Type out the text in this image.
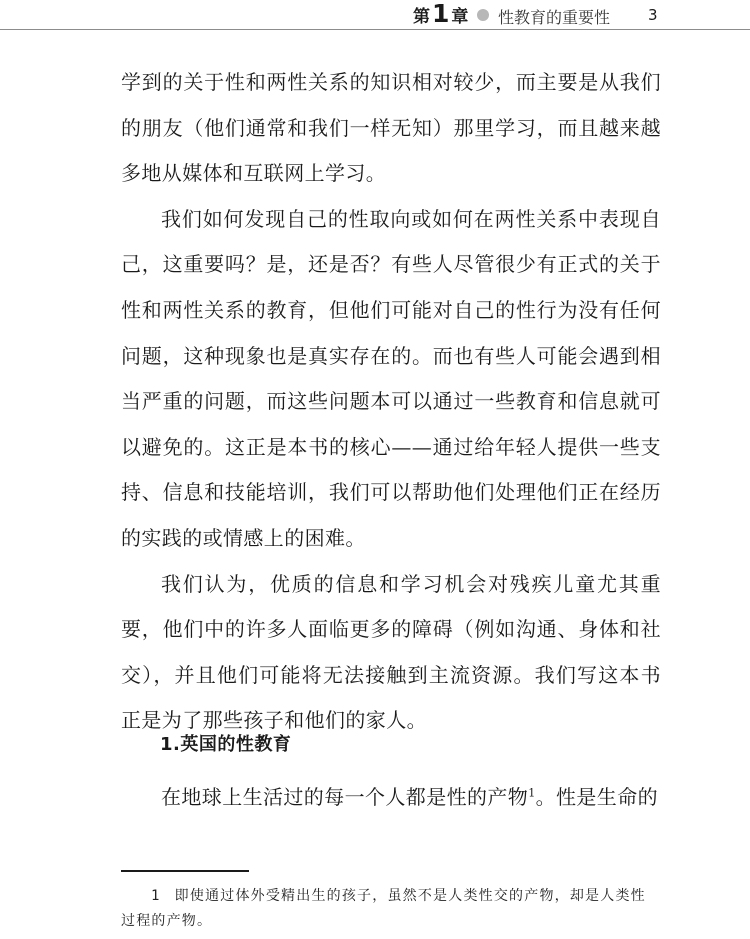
第 1 章 性教育的重要性	3

学到的关于性和两性关系的知识相对较少，而主要是从我们的朋友（他们通常和我们一样无知）那里学习，而且越来越多地从媒体和互联网上学习。

我们如何发现自己的性取向或如何在两性关系中表现自己，这重要吗？是，还是否？有些人尽管很少有正式的关于性和两性关系的教育，但他们可能对自己的性行为没有任何问题，这种现象也是真实存在的。而也有些人可能会遇到相当严重的问题，而这些问题本可以通过一些教育和信息就可以避免的。这正是本书的核心——通过给年轻人提供一些支持、信息和技能培训，我们可以帮助他们处理他们正在经历的实践的或情感上的困难。

我们认为，优质的信息和学习机会对残疾儿童尤其重要，他们中的许多人面临更多的障碍（例如沟通、身体和社交），并且他们可能将无法接触到主流资源。我们写这本书正是为了那些孩子和他们的家人。

1.英国的性教育

在地球上生活过的每一个人都是性的产物$^1$。性是生命的

1 即使通过体外受精出生的孩子，虽然不是人类性交的产物，却是人类性过程的产物。
